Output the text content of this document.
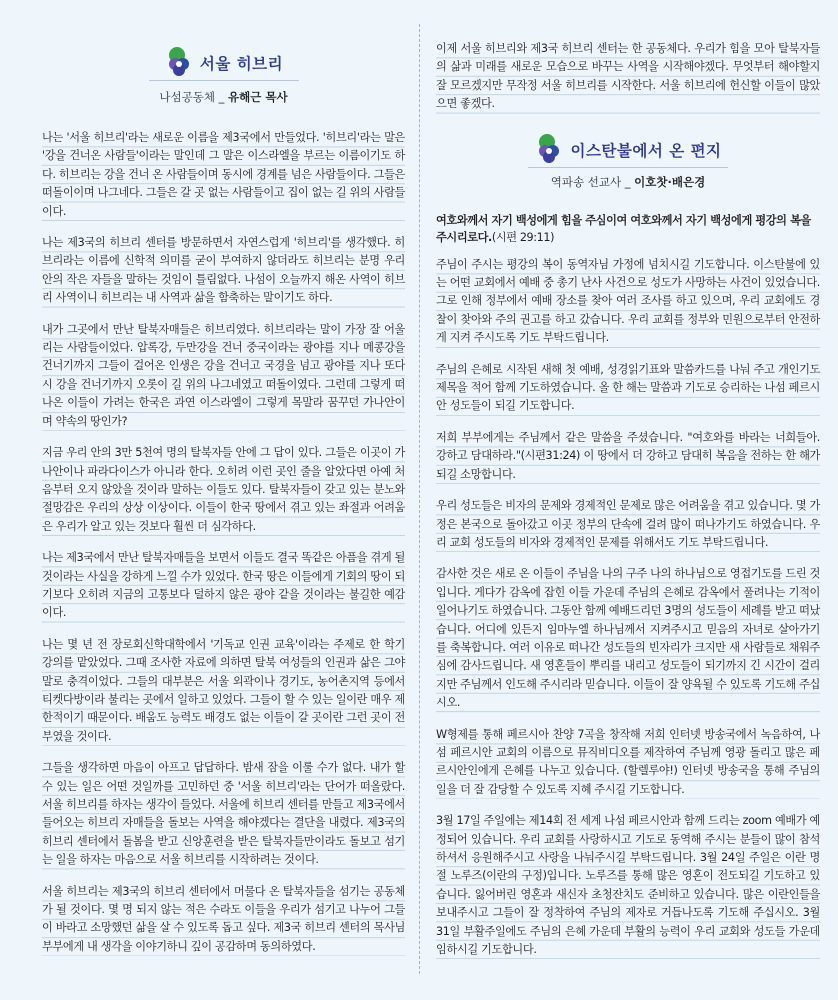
서울 히브리
나섬공동체 _ 유해근 목사

나는 '서울 히브리'라는 새로운 이름을 제3국에서 만들었다. '히브리'라는 말은 '강을 건너온 사람들'이라는 말인데 그 말은 이스라엘을 부르는 이름이기도 하다. 히브리는 강을 건너 온 사람들이며 동시에 경계를 넘은 사람들이다. 그들은 떠돌이이며 나그네다. 그들은 갈 곳 없는 사람들이고 집이 없는 길 위의 사람들이다.

나는 제3국의 히브리 센터를 방문하면서 자연스럽게 '히브리'를 생각했다. 히브리라는 이름에 신학적 의미를 굳이 부여하지 않더라도 히브리는 분명 우리 안의 작은 자들을 말하는 것임이 틀림없다. 나섬이 오늘까지 해온 사역이 히브리 사역이니 히브리는 내 사역과 삶을 함축하는 말이기도 하다.

내가 그곳에서 만난 탈북자매들은 히브리였다. 히브리라는 말이 가장 잘 어울리는 사람들이었다. 압록강, 두만강을 건너 중국이라는 광야를 지나 메콩강을 건너기까지 그들이 걸어온 인생은 강을 건너고 국경을 넘고 광야를 지나 또다시 강을 건너기까지 오롯이 길 위의 나그네였고 떠돌이였다. 그런데 그렇게 떠나온 이들이 가려는 한국은 과연 이스라엘이 그렇게 목말라 꿈꾸던 가나안이며 약속의 땅인가?

지금 우리 안의 3만 5천여 명의 탈북자들 안에 그 답이 있다. 그들은 이곳이 가나안이나 파라다이스가 아니라 한다. 오히려 이런 곳인 줄을 알았다면 아예 처음부터 오지 않았을 것이라 말하는 이들도 있다. 탈북자들이 갖고 있는 분노와 절망감은 우리의 상상 이상이다. 이들이 한국 땅에서 겪고 있는 좌절과 어려움은 우리가 알고 있는 것보다 훨씬 더 심각하다.

나는 제3국에서 만난 탈북자매들을 보면서 이들도 결국 똑같은 아픔을 겪게 될 것이라는 사실을 강하게 느낄 수가 있었다. 한국 땅은 이들에게 기회의 땅이 되기보다 오히려 지금의 고통보다 덜하지 않은 광야 같을 것이라는 불길한 예감이다.

나는 몇 년 전 장로회신학대학에서 '기독교 인권 교육'이라는 주제로 한 학기 강의를 맡았었다. 그때 조사한 자료에 의하면 탈북 여성들의 인권과 삶은 그야말로 충격이었다. 그들의 대부분은 서울 외곽이나 경기도, 농어촌지역 등에서 티켓다방이라 불리는 곳에서 일하고 있었다. 그들이 할 수 있는 일이란 매우 제한적이기 때문이다. 배움도 능력도 배경도 없는 이들이 갈 곳이란 그런 곳이 전부였을 것이다.

그들을 생각하면 마음이 아프고 답답하다. 밤새 잠을 이룰 수가 없다. 내가 할 수 있는 일은 어떤 것일까를 고민하던 중 '서울 히브리'라는 단어가 떠올랐다. 서울 히브리를 하자는 생각이 들었다. 서울에 히브리 센터를 만들고 제3국에서 들어오는 히브리 자매들을 돌보는 사역을 해야겠다는 결단을 내렸다. 제3국의 히브리 센터에서 돌봄을 받고 신앙훈련을 받은 탈북자들만이라도 돌보고 섬기는 일을 하자는 마음으로 서울 히브리를 시작하려는 것이다.

서울 히브리는 제3국의 히브리 센터에서 머물다 온 탈북자들을 섬기는 공동체가 될 것이다. 몇 명 되지 않는 적은 수라도 이들을 우리가 섬기고 나누어 그들이 바라고 소망했던 삶을 살 수 있도록 돕고 싶다. 제3국 히브리 센터의 목사님 부부에게 내 생각을 이야기하니 깊이 공감하며 동의하였다.

이제 서울 히브리와 제3국 히브리 센터는 한 공동체다. 우리가 힘을 모아 탈북자들의 삶과 미래를 새로운 모습으로 바꾸는 사역을 시작해야겠다. 무엇부터 해야할지 잘 모르겠지만 무작정 서울 히브리를 시작한다. 서울 히브리에 헌신할 이들이 많았으면 좋겠다.

이스탄불에서 온 편지
역파송 선교사 _ 이호찻·배은경

여호와께서 자기 백성에게 힘을 주심이여 여호와께서 자기 백성에게 평강의 복을 주시리로다.(시편 29:11)

주님이 주시는 평강의 복이 동역자님 가정에 넘치시길 기도합니다. 이스탄불에 있는 어떤 교회에서 예배 중 총기 난사 사건으로 성도가 사망하는 사건이 있었습니다. 그로 인해 정부에서 예배 장소를 찾아 여러 조사를 하고 있으며, 우리 교회에도 경찰이 찾아와 주의 권고를 하고 갔습니다. 우리 교회를 정부와 민원으로부터 안전하게 지켜 주시도록 기도 부탁드립니다.

주님의 은혜로 시작된 새해 첫 예배, 성경읽기표와 말씀카드를 나눠 주고 개인기도 제목을 적어 함께 기도하였습니다. 올 한 해는 말씀과 기도로 승리하는 나섬 페르시안 성도들이 되길 기도합니다.

저희 부부에게는 주님께서 같은 말씀을 주셨습니다. "여호와를 바라는 너희들아. 강하고 담대하라."(시편31:24) 이 땅에서 더 강하고 담대히 복음을 전하는 한 해가 되길 소망합니다.

우리 성도들은 비자의 문제와 경제적인 문제로 많은 어려움을 겪고 있습니다. 몇 가정은 본국으로 돌아갔고 이곳 정부의 단속에 걸려 많이 떠나가기도 하였습니다. 우리 교회 성도들의 비자와 경제적인 문제를 위해서도 기도 부탁드립니다.

감사한 것은 새로 온 이들이 주님을 나의 구주 나의 하나님으로 영접기도를 드린 것입니다. 게다가 감옥에 잡힌 이들 가운데 주님의 은혜로 감옥에서 풀려나는 기적이 일어나기도 하였습니다. 그동안 함께 예배드리던 3명의 성도들이 세례를 받고 떠났습니다. 어디에 있든지 임마누엘 하나님께서 지켜주시고 믿음의 자녀로 살아가기를 축복합니다. 여러 이유로 떠나간 성도들의 빈자리가 크지만 새 사람들로 채워주심에 감사드립니다. 새 영혼들이 뿌리를 내리고 성도들이 되기까지 긴 시간이 걸리지만 주님께서 인도해 주시리라 믿습니다. 이들이 잘 양육될 수 있도록 기도해 주십시오.

W형제를 통해 페르시아 찬양 7곡을 창작해 저희 인터넷 방송국에서 녹음하여, 나섬 페르시안 교회의 이름으로 뮤직비디오를 제작하여 주님께 영광 돌리고 많은 페르시안인에게 은혜를 나누고 있습니다. (할렐루야!) 인터넷 방송국을 통해 주님의 일을 더 잘 감당할 수 있도록 지혜 주시길 기도합니다.

3월 17일 주일에는 제14회 전 세계 나섬 페르시안과 함께 드리는 zoom 예배가 예정되어 있습니다. 우리 교회를 사랑하시고 기도로 동역해 주시는 분들이 많이 참석하셔서 응원해주시고 사랑을 나눠주시길 부탁드립니다. 3월 24일 주일은 이란 명절 노루즈(이란의 구정)입니다. 노루즈를 통해 많은 영혼이 전도되길 기도하고 있습니다. 잃어버린 영혼과 새신자 초청잔치도 준비하고 있습니다. 많은 이란인들을 보내주시고 그들이 잘 정착하여 주님의 제자로 거듭나도록 기도해 주십시오. 3월 31일 부활주일에도 주님의 은혜 가운데 부활의 능력이 우리 교회와 성도들 가운데 임하시길 기도합니다.
